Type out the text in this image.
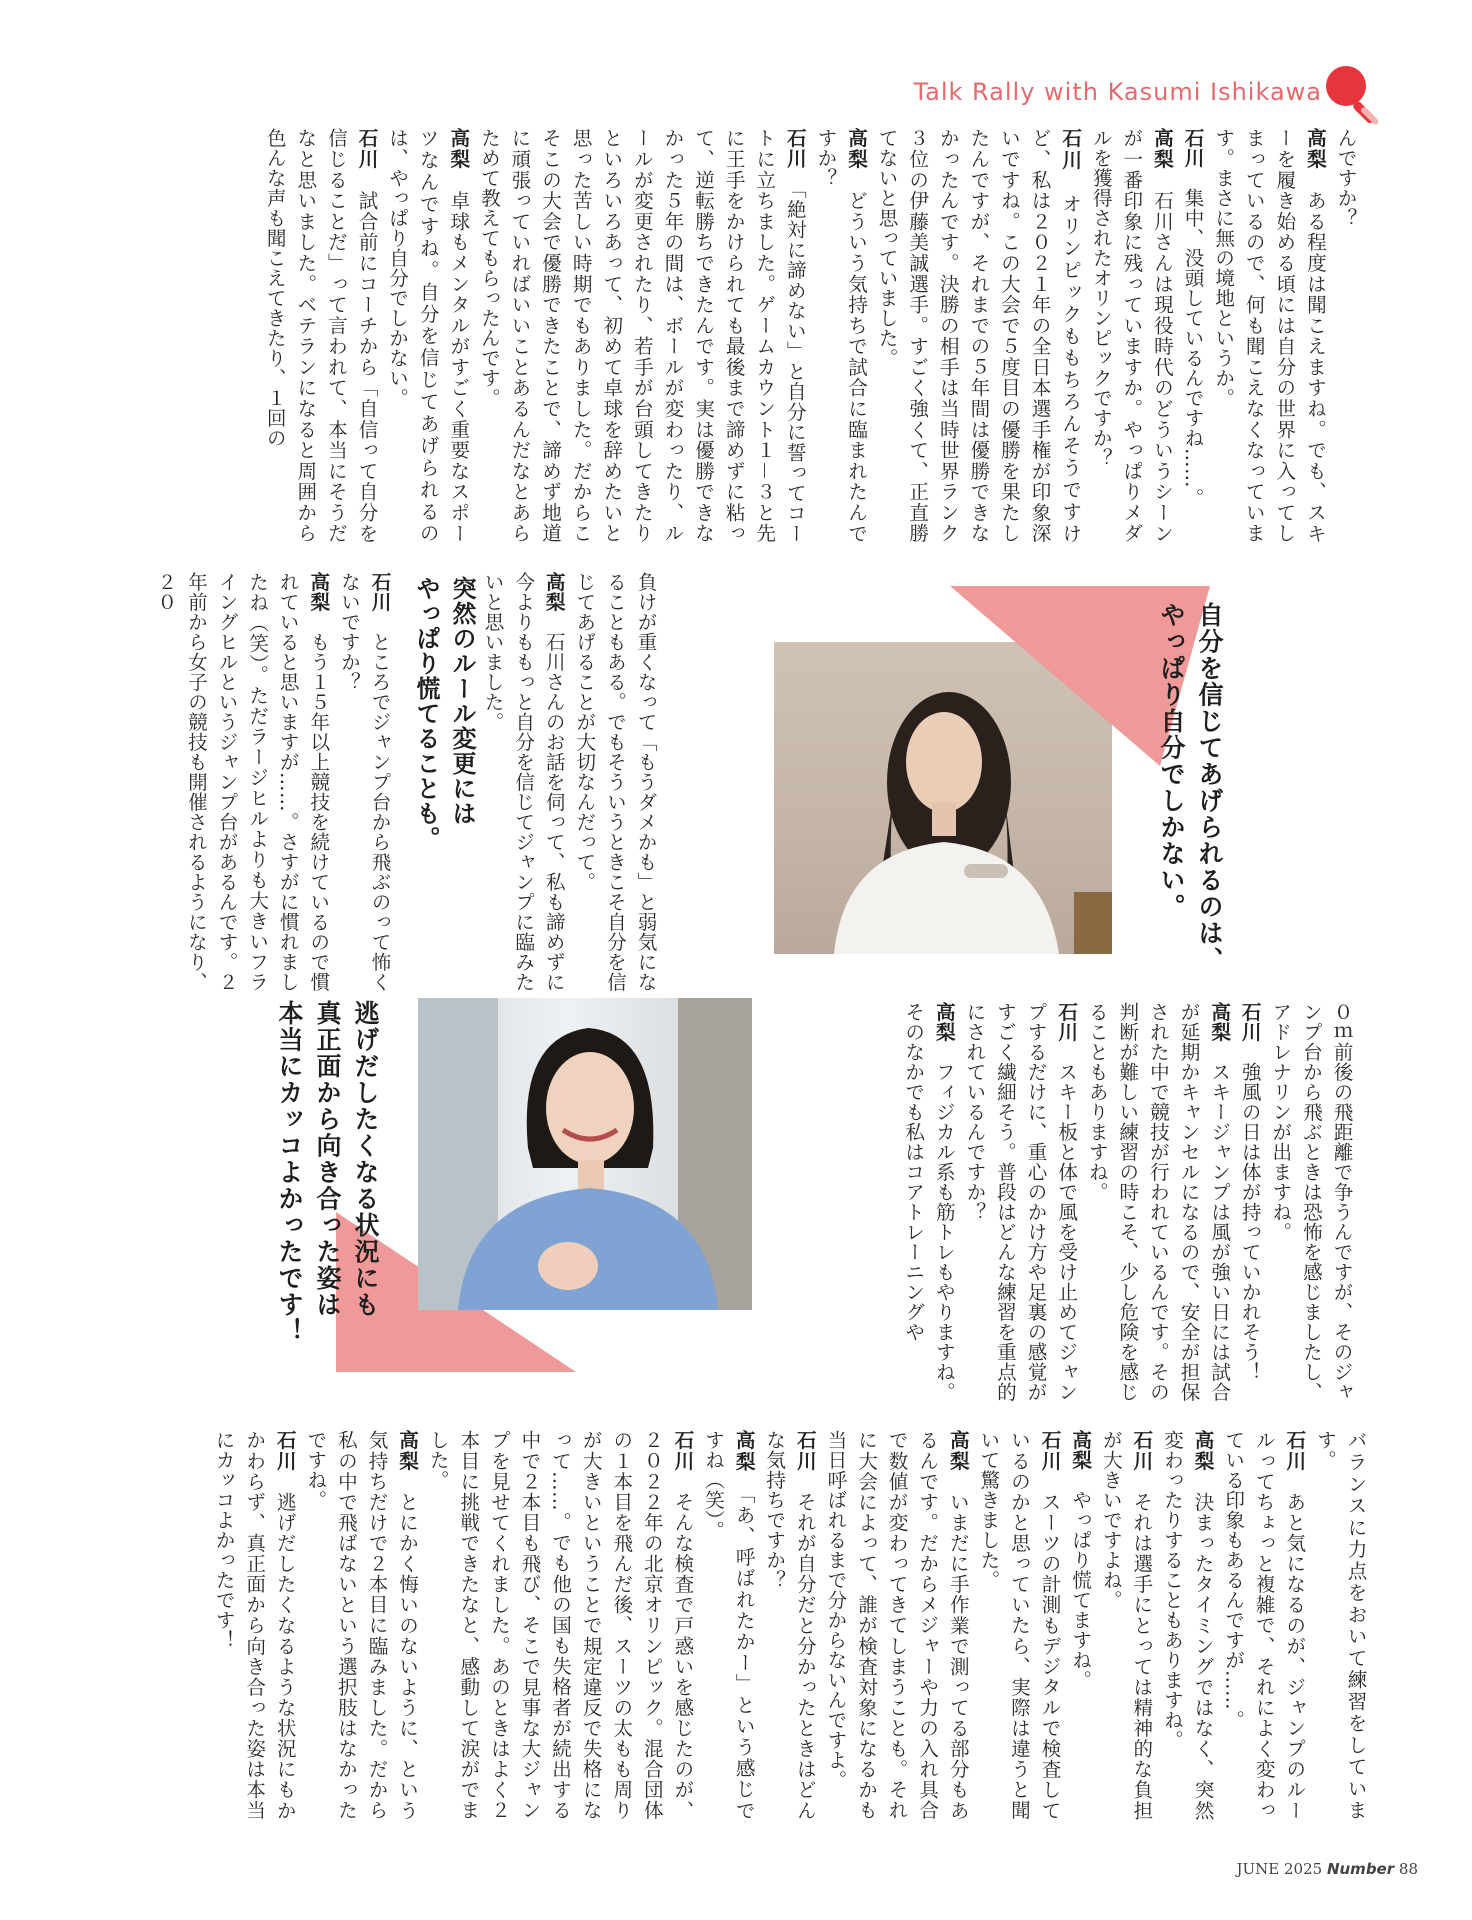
Talk Rally with Kasumi Ishikawa

んですか？

高梨　ある程度は聞こえますね。でも、スキーを履き始める頃には自分の世界に入ってしまっているので、何も聞こえなくなっています。まさに無の境地というか。

石川　集中、没頭しているんですね……。

高梨　石川さんは現役時代のどういうシーンが一番印象に残っていますか。やっぱりメダルを獲得されたオリンピックですか？

石川　オリンピックももちろんそうですけど、私は２０２１年の全日本選手権が印象深いですね。この大会で５度目の優勝を果たしたんですが、それまでの５年間は優勝できなかったんです。決勝の相手は当時世界ランク３位の伊藤美誠選手。すごく強くて、正直勝てないと思っていました。

高梨　どういう気持ちで試合に臨まれたんですか？

石川　「絶対に諦めない」と自分に誓ってコートに立ちました。ゲームカウント１－３と先に王手をかけられても最後まで諦めずに粘って、逆転勝ちできたんです。実は優勝できなかった５年の間は、ボールが変わったり、ルールが変更されたり、若手が台頭してきたりといろいろあって、初めて卓球を辞めたいと思った苦しい時期でもありました。だからこそこの大会で優勝できたことで、諦めず地道に頑張っていればいいことあるんだなとあらためて教えてもらったんです。

高梨　卓球もメンタルがすごく重要なスポーツなんですね。自分を信じてあげられるのは、やっぱり自分でしかない。

石川　試合前にコーチから「自信って自分を信じることだ」って言われて、本当にそうだなと思いました。ベテランになると周囲から色んな声も聞こえてきたり、１回の

負けが重くなって「もうダメかも」と弱気になることもある。でもそういうときこそ自分を信じてあげることが大切なんだって。

高梨　石川さんのお話を伺って、私も諦めずに今よりももっと自分を信じてジャンプに臨みたいと思いました。

突然のルール変更には

やっぱり慌てることも。

石川　ところでジャンプ台から飛ぶのって怖くないですか？

高梨　もう１５年以上競技を続けているので慣れていると思いますが……。さすがに慣れましたね（笑）。ただラージヒルよりも大きいフライングヒルというジャンプ台があるんです。２年前から女子の競技も開催されるようになり、２０

自分を信じてあげられるのは、

やっぱり自分でしかない。

０ｍ前後の飛距離で争うんですが、そのジャンプ台から飛ぶときは恐怖を感じましたし、アドレナリンが出ますね。

石川　強風の日は体が持っていかれそう！

高梨　スキージャンプは風が強い日には試合が延期かキャンセルになるので、安全が担保された中で競技が行われているんです。その判断が難しい練習の時こそ、少し危険を感じることもありますね。

石川　スキー板と体で風を受け止めてジャンプするだけに、重心のかけ方や足裏の感覚がすごく繊細そう。普段はどんな練習を重点的にされているんですか？

高梨　フィジカル系も筋トレもやりますね。そのなかでも私はコアトレーニングや

逃げだしたくなる状況にも

真正面から向き合った姿は

本当にカッコよかったです！

バランスに力点をおいて練習をしています。

石川　あと気になるのが、ジャンプのルールってちょっと複雑で、それによく変わっている印象もあるんですが……。

高梨　決まったタイミングではなく、突然変わったりすることもありますね。

石川　それは選手にとっては精神的な負担が大きいですよね。

高梨　やっぱり慌てますね。

石川　スーツの計測もデジタルで検査しているのかと思っていたら、実際は違うと聞いて驚きました。

高梨　いまだに手作業で測ってる部分もあるんです。だからメジャーや力の入れ具合で数値が変わってきてしまうことも。それに大会によって、誰が検査対象になるかも当日呼ばれるまで分からないんですよ。

石川　それが自分だと分かったときはどんな気持ちですか？

高梨　「あ、呼ばれたかー」という感じですね（笑）。

石川　そんな検査で戸惑いを感じたのが、２０２２年の北京オリンピック。混合団体の１本目を飛んだ後、スーツの太もも周りが大きいということで規定違反で失格になって……。でも他の国も失格者が続出する中で２本目も飛び、そこで見事な大ジャンプを見せてくれました。あのときはよく２本目に挑戦できたなと、感動して涙がでました。

高梨　とにかく悔いのないように、という気持ちだけで２本目に臨みました。だから私の中で飛ばないという選択肢はなかったですね。

石川　逃げだしたくなるような状況にもかかわらず、真正面から向き合った姿は本当にカッコよかったです！

JUNE 2025 Number 88
